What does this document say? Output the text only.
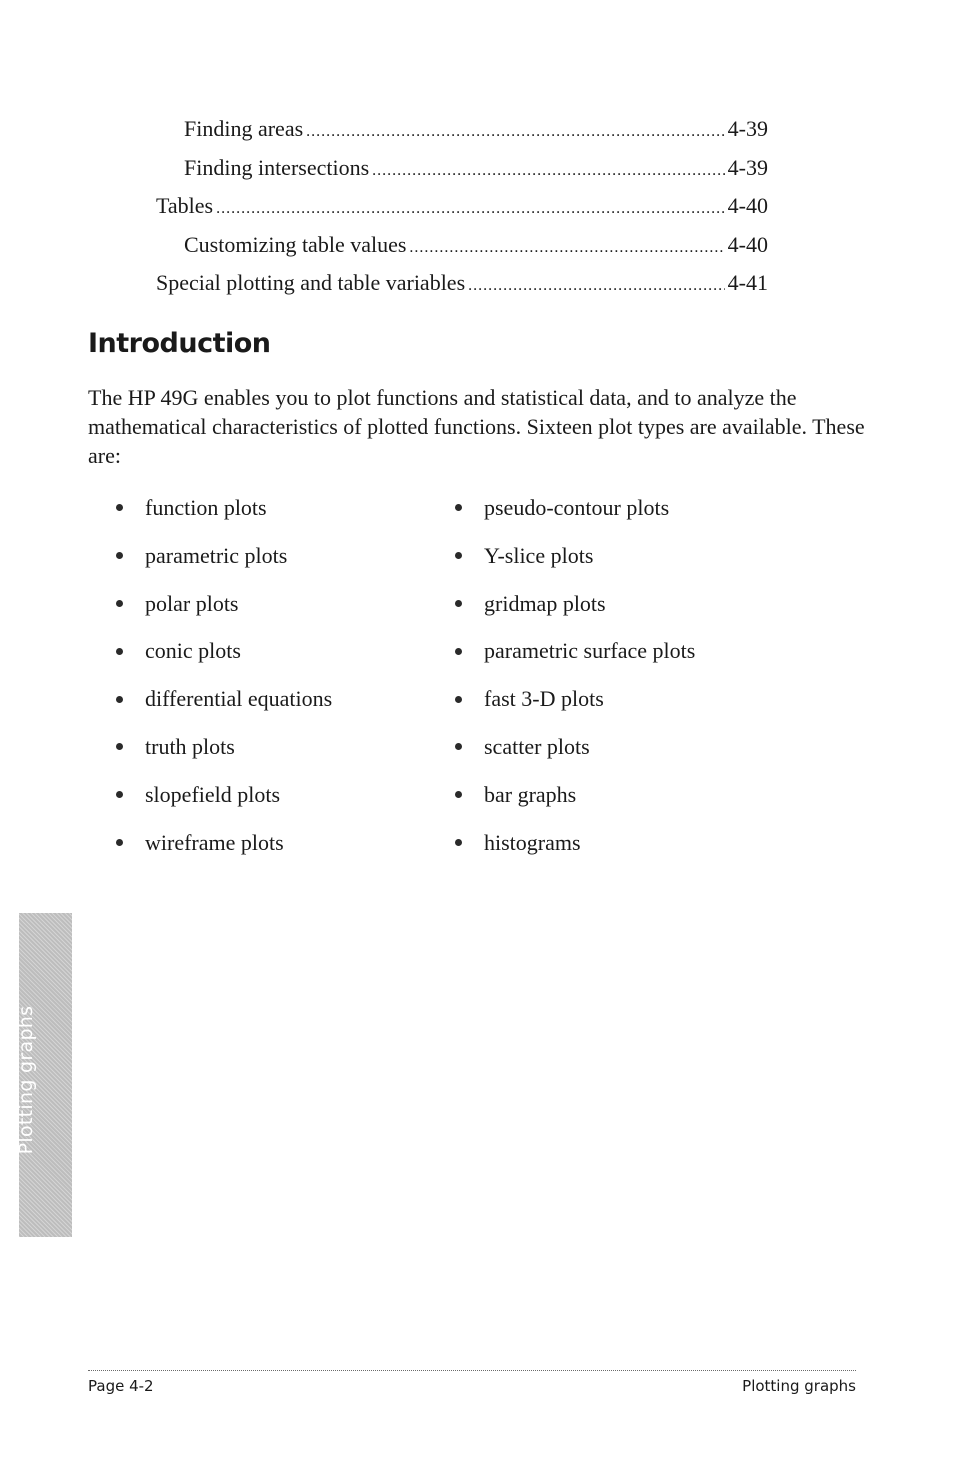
Finding areas .....	4-39
Finding intersections .....	4-39
Tables .....	4-40
Customizing table values .....	4-40
Special plotting and table variables .....	4-41
Introduction

The HP 49G enables you to plot functions and statistical data, and to analyze the mathematical characteristics of plotted functions. Sixteen plot types are available. These are:

function plots
parametric plots
polar plots
conic plots
differential equations
truth plots
slopefield plots
wireframe plots
pseudo-contour plots
Y-slice plots
gridmap plots
parametric surface plots
fast 3-D plots
scatter plots
bar graphs
histograms
Plotting graphs
Page 4-2	Plotting graphs
